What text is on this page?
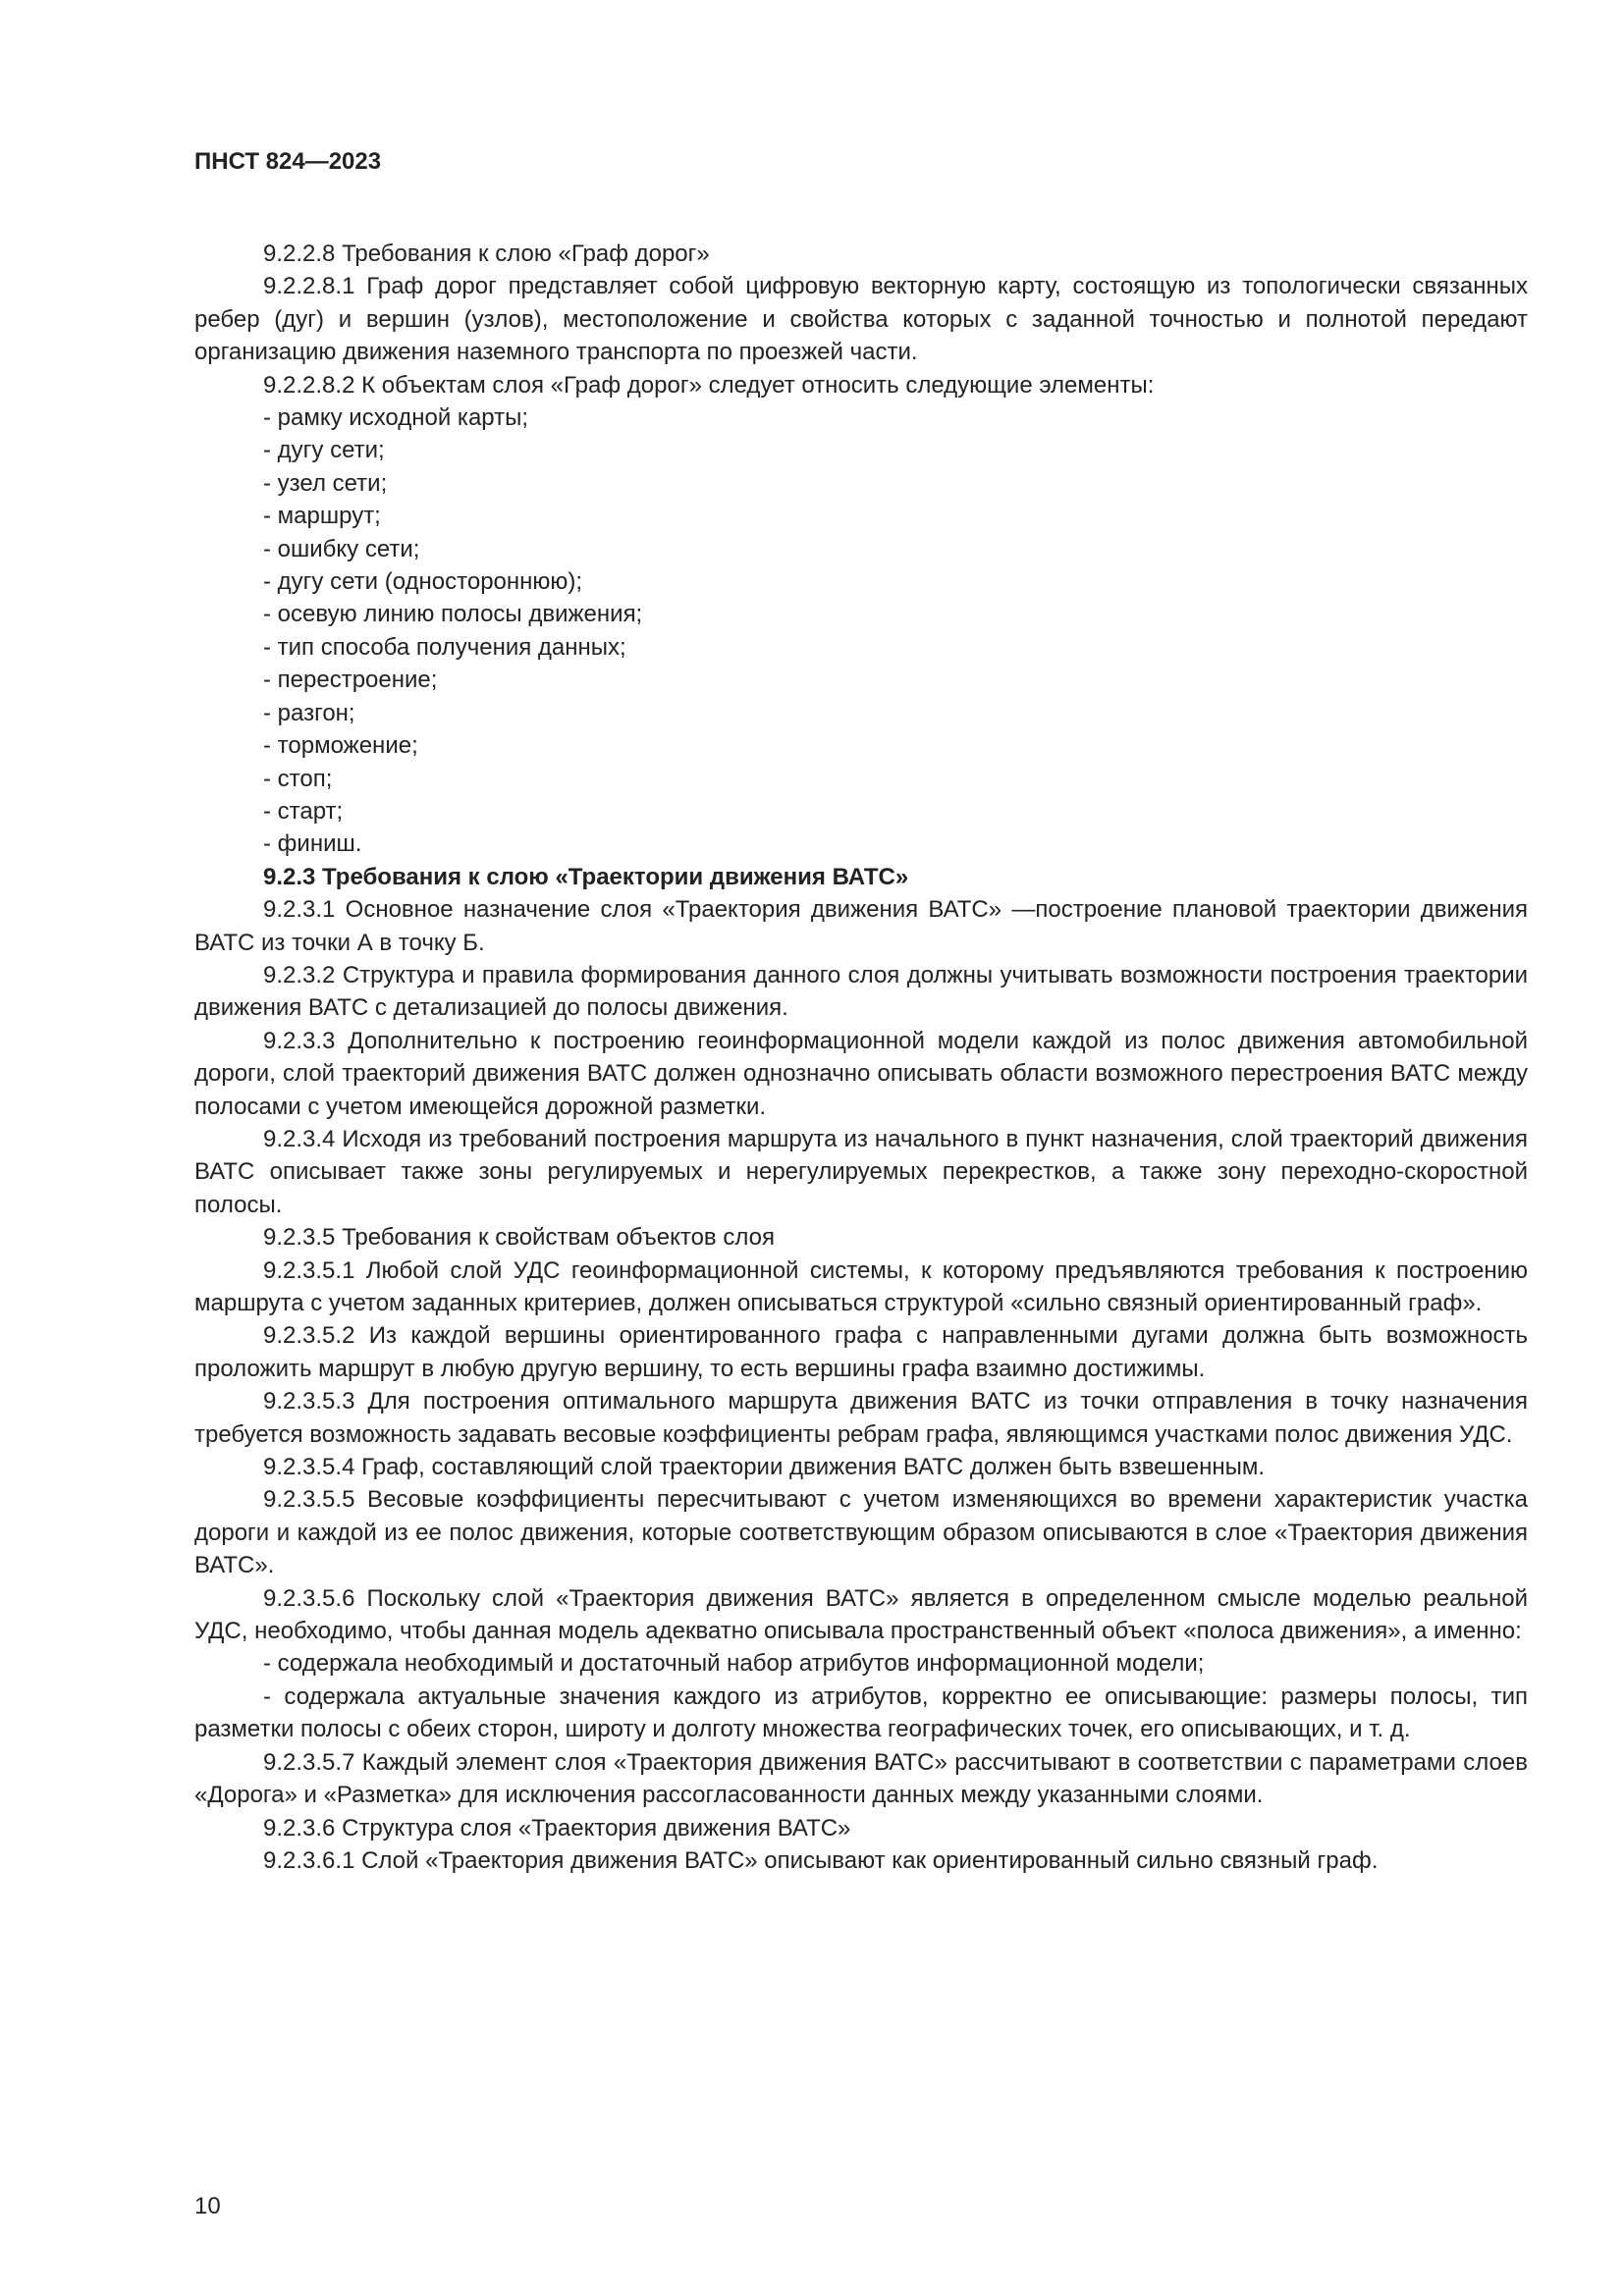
ПНСТ 824—2023

9.2.2.8 Требования к слою «Граф дорог»

9.2.2.8.1 Граф дорог представляет собой цифровую векторную карту, состоящую из топологически связанных ребер (дуг) и вершин (узлов), местоположение и свойства которых с заданной точностью и полнотой передают организацию движения наземного транспорта по проезжей части.

9.2.2.8.2 К объектам слоя «Граф дорог» следует относить следующие элементы:

- рамку исходной карты;

- дугу сети;

- узел сети;

- маршрут;

- ошибку сети;

- дугу сети (одностороннюю);

- осевую линию полосы движения;

- тип способа получения данных;

- перестроение;

- разгон;

- торможение;

- стоп;

- старт;

- финиш.

9.2.3 Требования к слою «Траектории движения ВАТС»

9.2.3.1 Основное назначение слоя «Траектория движения ВАТС» —построение плановой траектории движения ВАТС из точки А в точку Б.

9.2.3.2 Структура и правила формирования данного слоя должны учитывать возможности построения траектории движения ВАТС с детализацией до полосы движения.

9.2.3.3 Дополнительно к построению геоинформационной модели каждой из полос движения автомобильной дороги, слой траекторий движения ВАТС должен однозначно описывать области возможного перестроения ВАТС между полосами с учетом имеющейся дорожной разметки.

9.2.3.4 Исходя из требований построения маршрута из начального в пункт назначения, слой траекторий движения ВАТС описывает также зоны регулируемых и нерегулируемых перекрестков, а также зону переходно-скоростной полосы.

9.2.3.5 Требования к свойствам объектов слоя

9.2.3.5.1 Любой слой УДС геоинформационной системы, к которому предъявляются требования к построению маршрута с учетом заданных критериев, должен описываться структурой «сильно связный ориентированный граф».

9.2.3.5.2 Из каждой вершины ориентированного графа с направленными дугами должна быть возможность проложить маршрут в любую другую вершину, то есть вершины графа взаимно достижимы.

9.2.3.5.3 Для построения оптимального маршрута движения ВАТС из точки отправления в точку назначения требуется возможность задавать весовые коэффициенты ребрам графа, являющимся участками полос движения УДС.

9.2.3.5.4 Граф, составляющий слой траектории движения ВАТС должен быть взвешенным.

9.2.3.5.5 Весовые коэффициенты пересчитывают с учетом изменяющихся во времени характеристик участка дороги и каждой из ее полос движения, которые соответствующим образом описываются в слое «Траектория движения ВАТС».

9.2.3.5.6 Поскольку слой «Траектория движения ВАТС» является в определенном смысле моделью реальной УДС, необходимо, чтобы данная модель адекватно описывала пространственный объект «полоса движения», а именно:

- содержала необходимый и достаточный набор атрибутов информационной модели;

- содержала актуальные значения каждого из атрибутов, корректно ее описывающие: размеры полосы, тип разметки полосы с обеих сторон, широту и долготу множества географических точек, его описывающих, и т. д.

9.2.3.5.7 Каждый элемент слоя «Траектория движения ВАТС» рассчитывают в соответствии с параметрами слоев «Дорога» и «Разметка» для исключения рассогласованности данных между указанными слоями.

9.2.3.6 Структура слоя «Траектория движения ВАТС»

9.2.3.6.1 Слой «Траектория движения ВАТС» описывают как ориентированный сильно связный граф.

10
